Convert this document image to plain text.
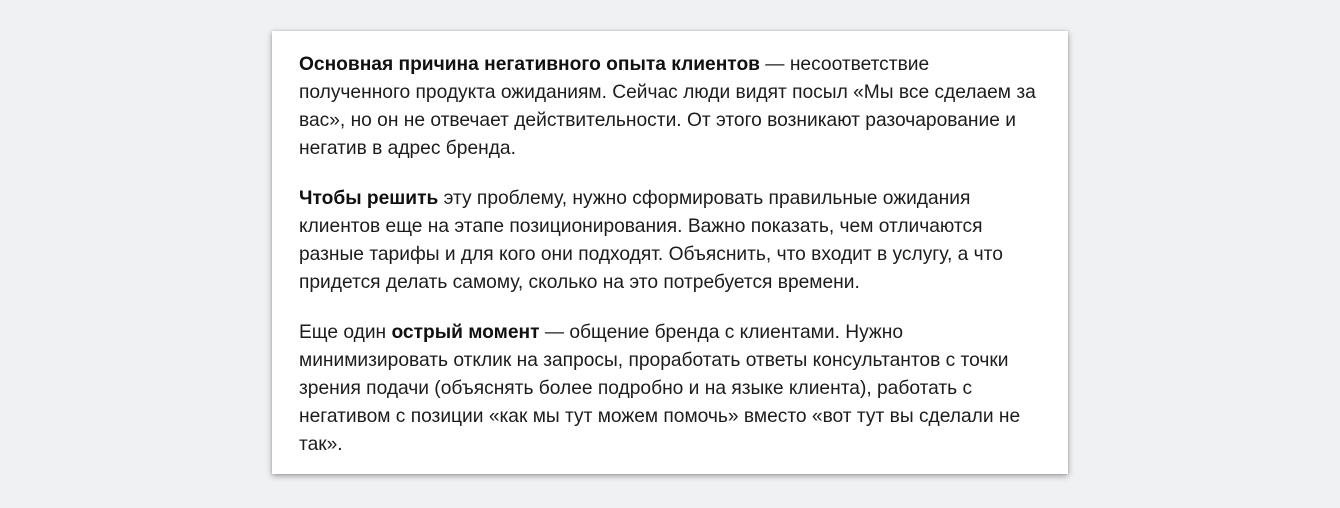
Основная причина негативного опыта клиентов — несоответствие полученного продукта ожиданиям. Сейчас люди видят посыл «Мы все сделаем за вас», но он не отвечает действительности. От этого возникают разочарование и негатив в адрес бренда.

Чтобы решить эту проблему, нужно сформировать правильные ожидания клиентов еще на этапе позиционирования. Важно показать, чем отличаются разные тарифы и для кого они подходят. Объяснить, что входит в услугу, а что придется делать самому, сколько на это потребуется времени.

Еще один острый момент — общение бренда с клиентами. Нужно минимизировать отклик на запросы, проработать ответы консультантов с точки зрения подачи (объяснять более подробно и на языке клиента), работать с негативом с позиции «как мы тут можем помочь» вместо «вот тут вы сделали не так».
